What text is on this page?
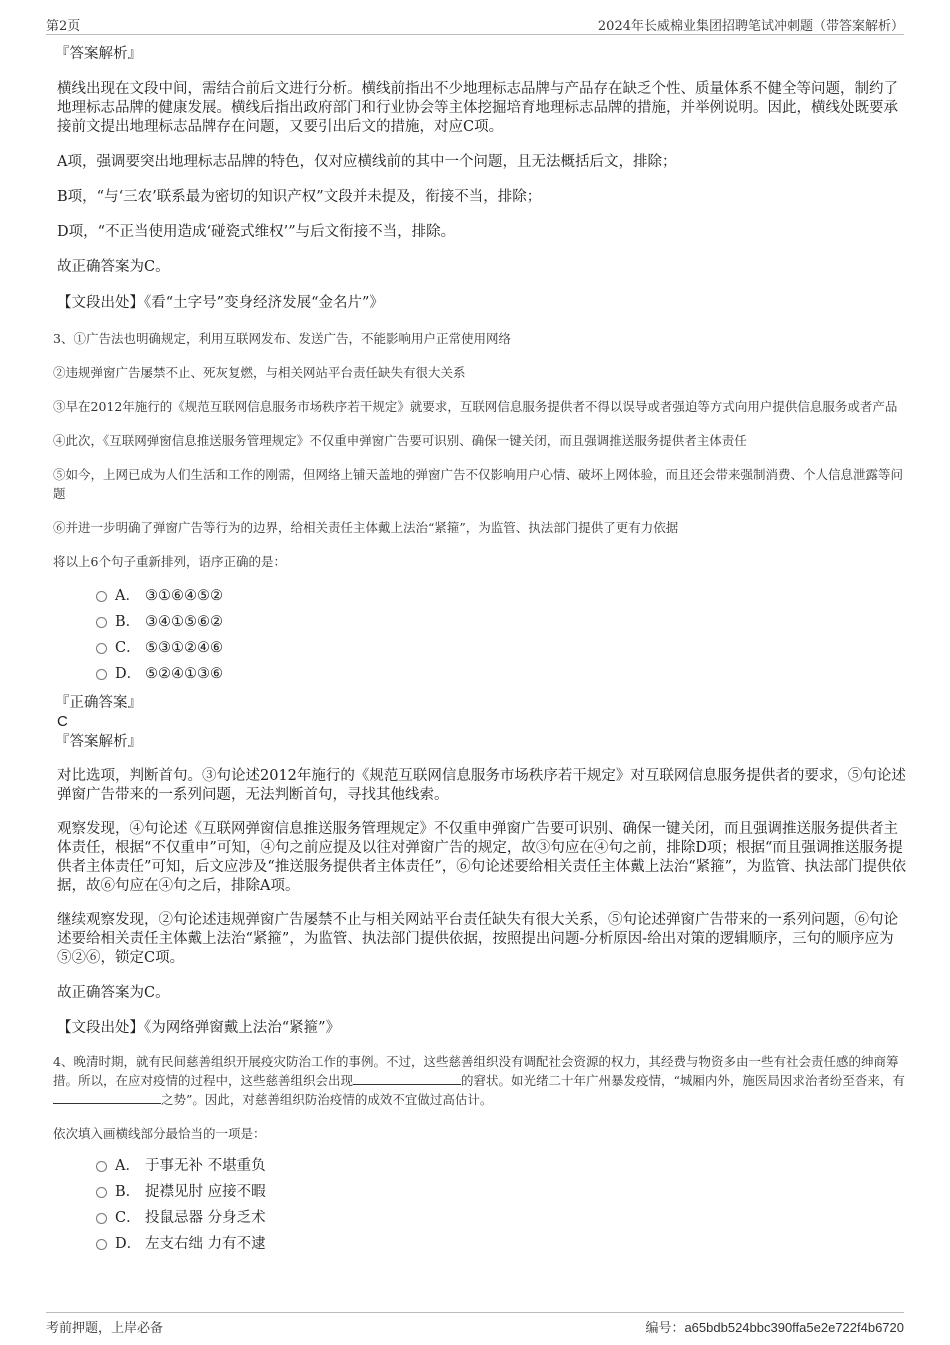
第2页	2024年长威棉业集团招聘笔试冲刺题（带答案解析）

『答案解析』

横线出现在文段中间，需结合前后文进行分析。横线前指出不少地理标志品牌与产品存在缺乏个性、质量体系不健全等问题，制约了地理标志品牌的健康发展。横线后指出政府部门和行业协会等主体挖掘培育地理标志品牌的措施，并举例说明。因此，横线处既要承接前文提出地理标志品牌存在问题，又要引出后文的措施，对应C项。

A项，强调要突出地理标志品牌的特色，仅对应横线前的其中一个问题，且无法概括后文，排除；

B项，“与‘三农’联系最为密切的知识产权”文段并未提及，衔接不当，排除；

D项，“不正当使用造成‘碰瓷式维权’”与后文衔接不当，排除。

故正确答案为C。

【文段出处】《看“土字号”变身经济发展“金名片”》

3、①广告法也明确规定，利用互联网发布、发送广告，不能影响用户正常使用网络

②违规弹窗广告屡禁不止、死灰复燃，与相关网站平台责任缺失有很大关系

③早在2012年施行的《规范互联网信息服务市场秩序若干规定》就要求，互联网信息服务提供者不得以误导或者强迫等方式向用户提供信息服务或者产品

④此次，《互联网弹窗信息推送服务管理规定》不仅重申弹窗广告要可识别、确保一键关闭，而且强调推送服务提供者主体责任

⑤如今，上网已成为人们生活和工作的刚需，但网络上铺天盖地的弹窗广告不仅影响用户心情、破坏上网体验，而且还会带来强制消费、个人信息泄露等问题

⑥并进一步明确了弹窗广告等行为的边界，给相关责任主体戴上法治“紧箍”，为监管、执法部门提供了更有力依据

将以上6个句子重新排列，语序正确的是：

A． ③①⑥④⑤②
B． ③④①⑤⑥②
C． ⑤③①②④⑥
D． ⑤②④①③⑥

『正确答案』

C

『答案解析』

对比选项，判断首句。③句论述2012年施行的《规范互联网信息服务市场秩序若干规定》对互联网信息服务提供者的要求，⑤句论述弹窗广告带来的一系列问题，无法判断首句，寻找其他线索。

观察发现，④句论述《互联网弹窗信息推送服务管理规定》不仅重申弹窗广告要可识别、确保一键关闭，而且强调推送服务提供者主体责任，根据“不仅重申”可知，④句之前应提及以往对弹窗广告的规定，故③句应在④句之前，排除D项；根据“而且强调推送服务提供者主体责任”可知，后文应涉及“推送服务提供者主体责任”，⑥句论述要给相关责任主体戴上法治“紧箍”，为监管、执法部门提供依据，故⑥句应在④句之后，排除A项。

继续观察发现，②句论述违规弹窗广告屡禁不止与相关网站平台责任缺失有很大关系，⑤句论述弹窗广告带来的一系列问题，⑥句论述要给相关责任主体戴上法治“紧箍”，为监管、执法部门提供依据，按照提出问题-分析原因-给出对策的逻辑顺序，三句的顺序应为⑤②⑥，锁定C项。

故正确答案为C。

【文段出处】《为网络弹窗戴上法治“紧箍”》

4、晚清时期，就有民间慈善组织开展疫灾防治工作的事例。不过，这些慈善组织没有调配社会资源的权力，其经费与物资多由一些有社会责任感的绅商筹措。所以，在应对疫情的过程中，这些慈善组织会出现	的窘状。如光绪二十年广州暴发疫情，“城厢内外，施医局因求治者纷至沓来，有之势”。因此，对慈善组织防治疫情的成效不宜做过高估计。

依次填入画横线部分最恰当的一项是：

A． 于事无补 不堪重负
B． 捉襟见肘 应接不暇
C． 投鼠忌器 分身乏术
D． 左支右绌 力有不逮
考前押题，上岸必备	编号：a65bdb524bbc390ffa5e2e722f4b6720
